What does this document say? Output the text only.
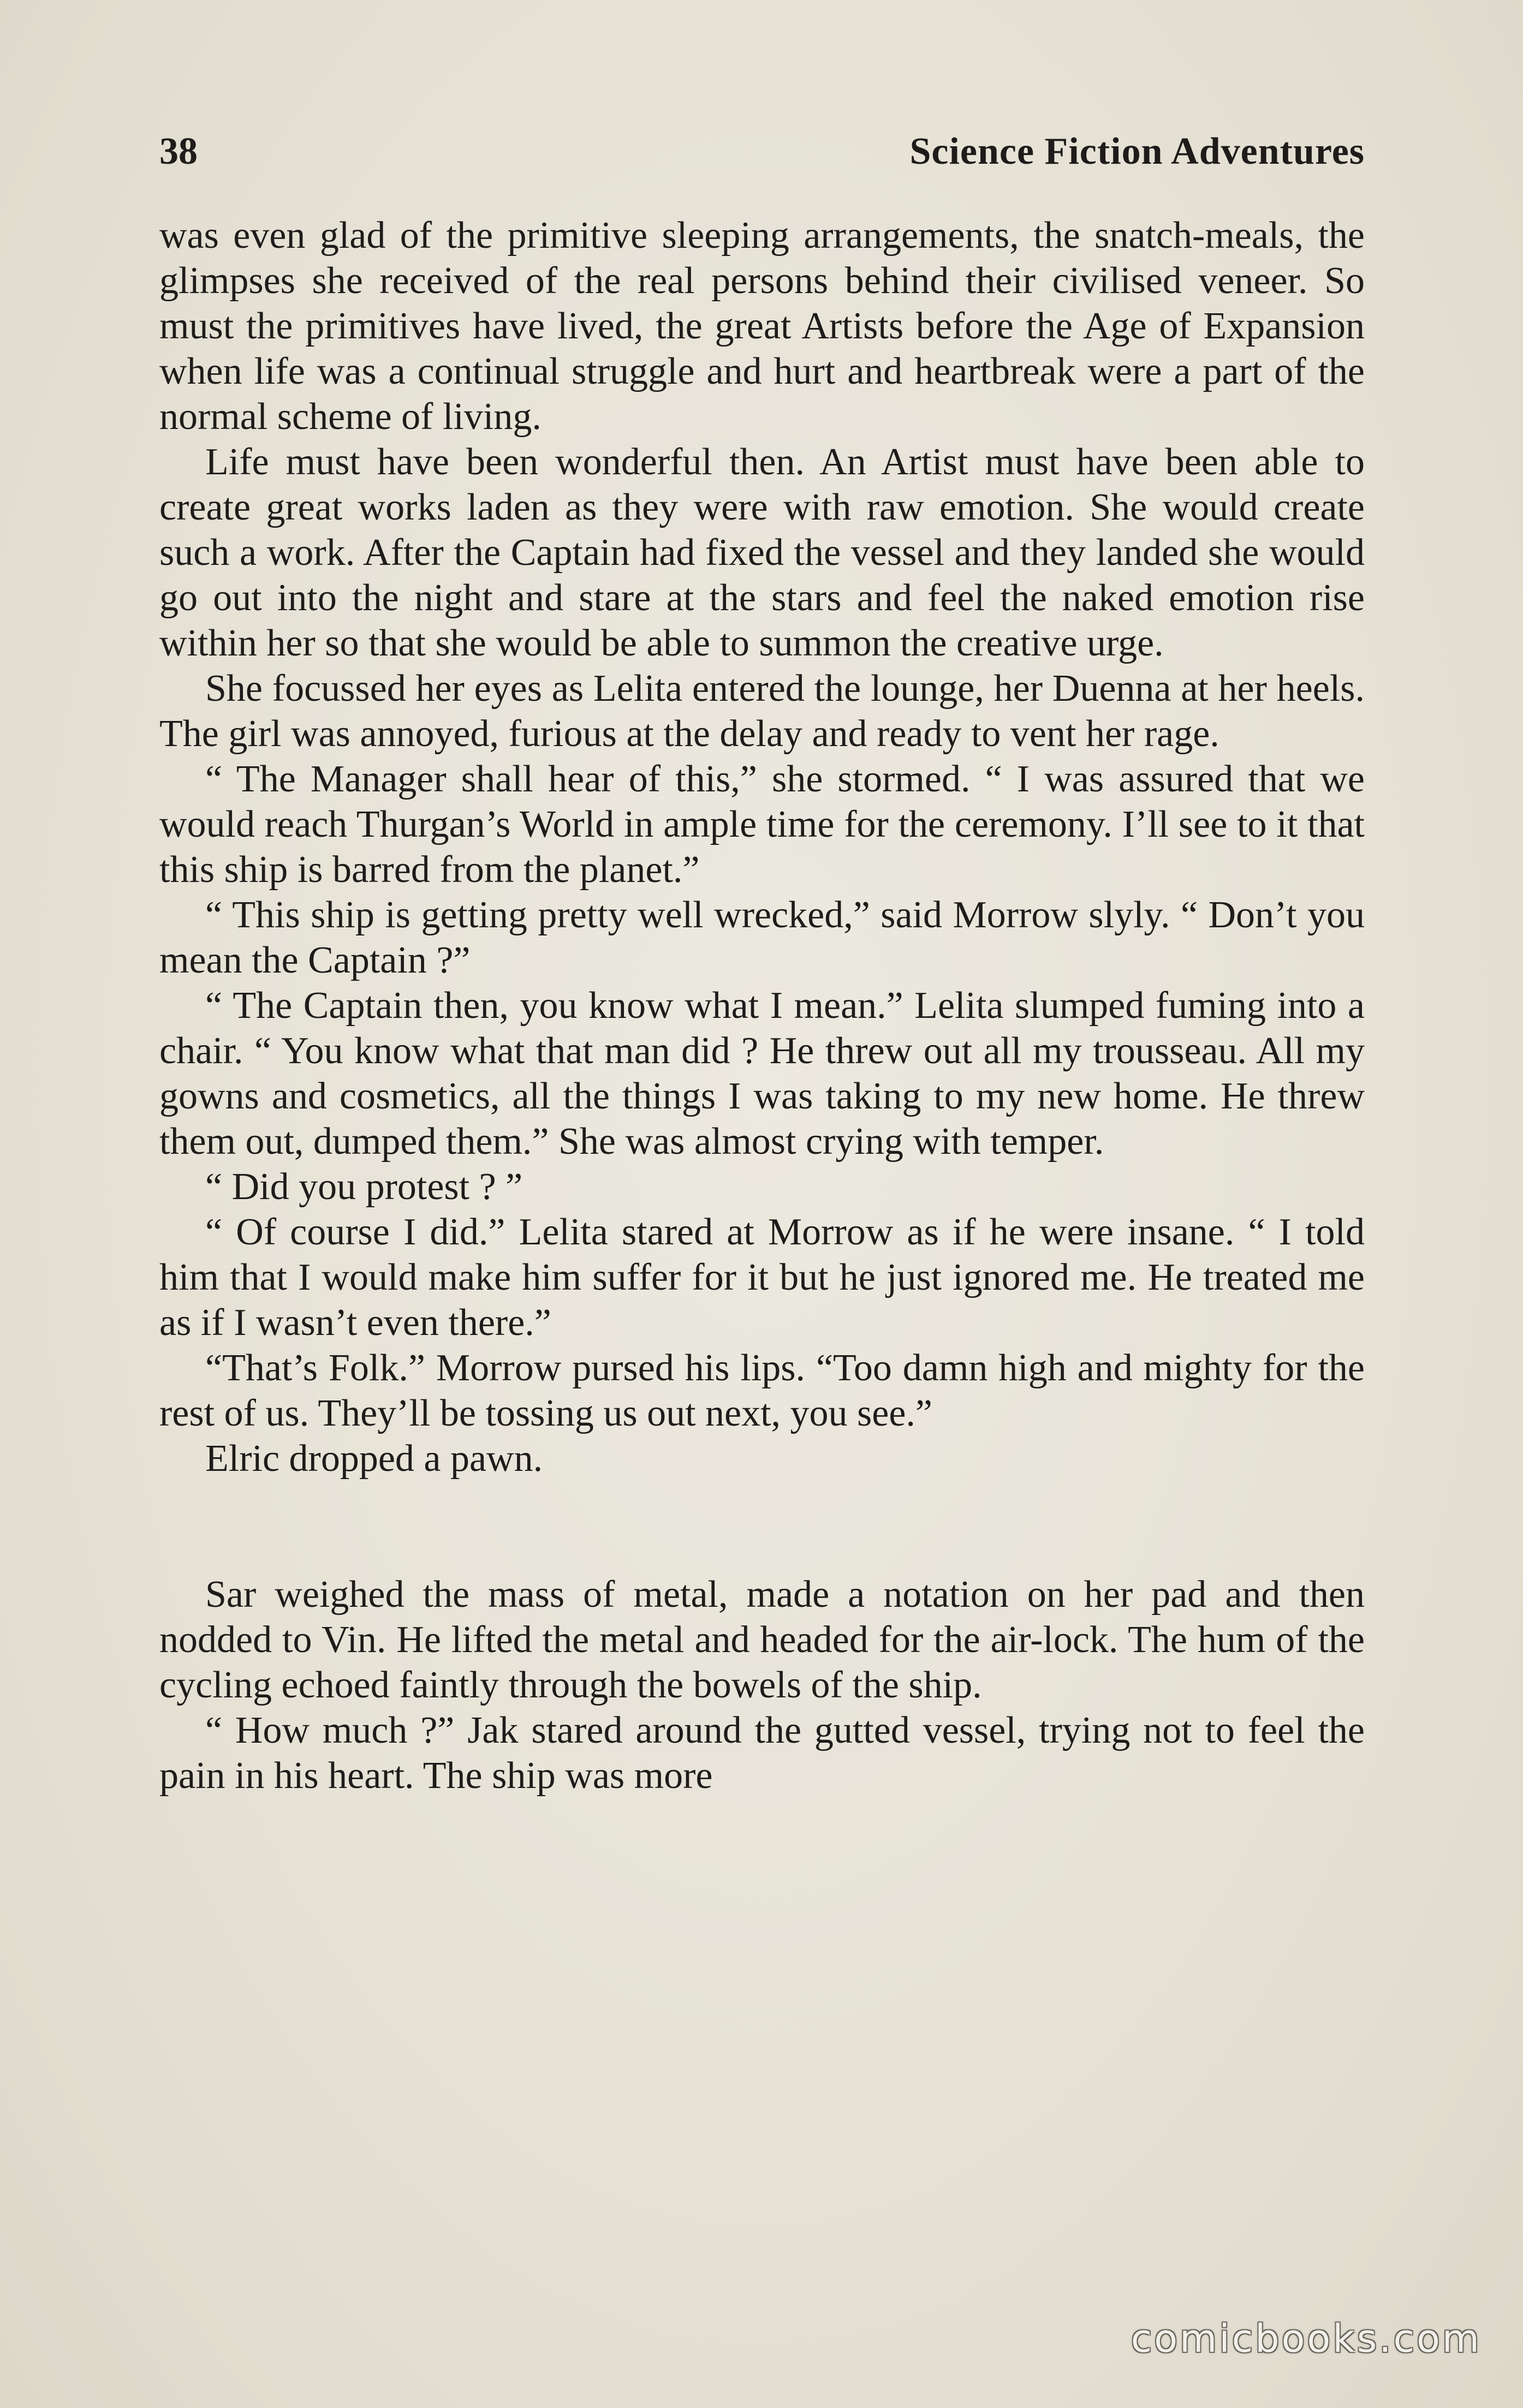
38	Science Fiction Adventures

was even glad of the primitive sleeping arrangements, the snatch-meals, the glimpses she received of the real persons behind their civilised veneer. So must the primitives have lived, the great Artists before the Age of Expansion when life was a continual struggle and hurt and heartbreak were a part of the normal scheme of living.

Life must have been wonderful then. An Artist must have been able to create great works laden as they were with raw emotion. She would create such a work. After the Captain had fixed the vessel and they landed she would go out into the night and stare at the stars and feel the naked emotion rise within her so that she would be able to summon the creative urge.

She focussed her eyes as Lelita entered the lounge, her Duenna at her heels. The girl was annoyed, furious at the delay and ready to vent her rage.

“ The Manager shall hear of this,” she stormed. “ I was assured that we would reach Thurgan’s World in ample time for the ceremony. I’ll see to it that this ship is barred from the planet.”

“ This ship is getting pretty well wrecked,” said Morrow slyly. “ Don’t you mean the Captain ?”

“ The Captain then, you know what I mean.” Lelita slumped fuming into a chair. “ You know what that man did ? He threw out all my trousseau. All my gowns and cosmetics, all the things I was taking to my new home. He threw them out, dumped them.” She was almost crying with temper.

“ Did you protest ? ”

“ Of course I did.” Lelita stared at Morrow as if he were insane. “ I told him that I would make him suffer for it but he just ignored me. He treated me as if I wasn’t even there.”

“That’s Folk.” Morrow pursed his lips. “Too damn high and mighty for the rest of us. They’ll be tossing us out next, you see.”

Elric dropped a pawn.

Sar weighed the mass of metal, made a notation on her pad and then nodded to Vin. He lifted the metal and headed for the air-lock. The hum of the cycling echoed faintly through the bowels of the ship.

“ How much ?” Jak stared around the gutted vessel, trying not to feel the pain in his heart. The ship was more

comicbooks.com
